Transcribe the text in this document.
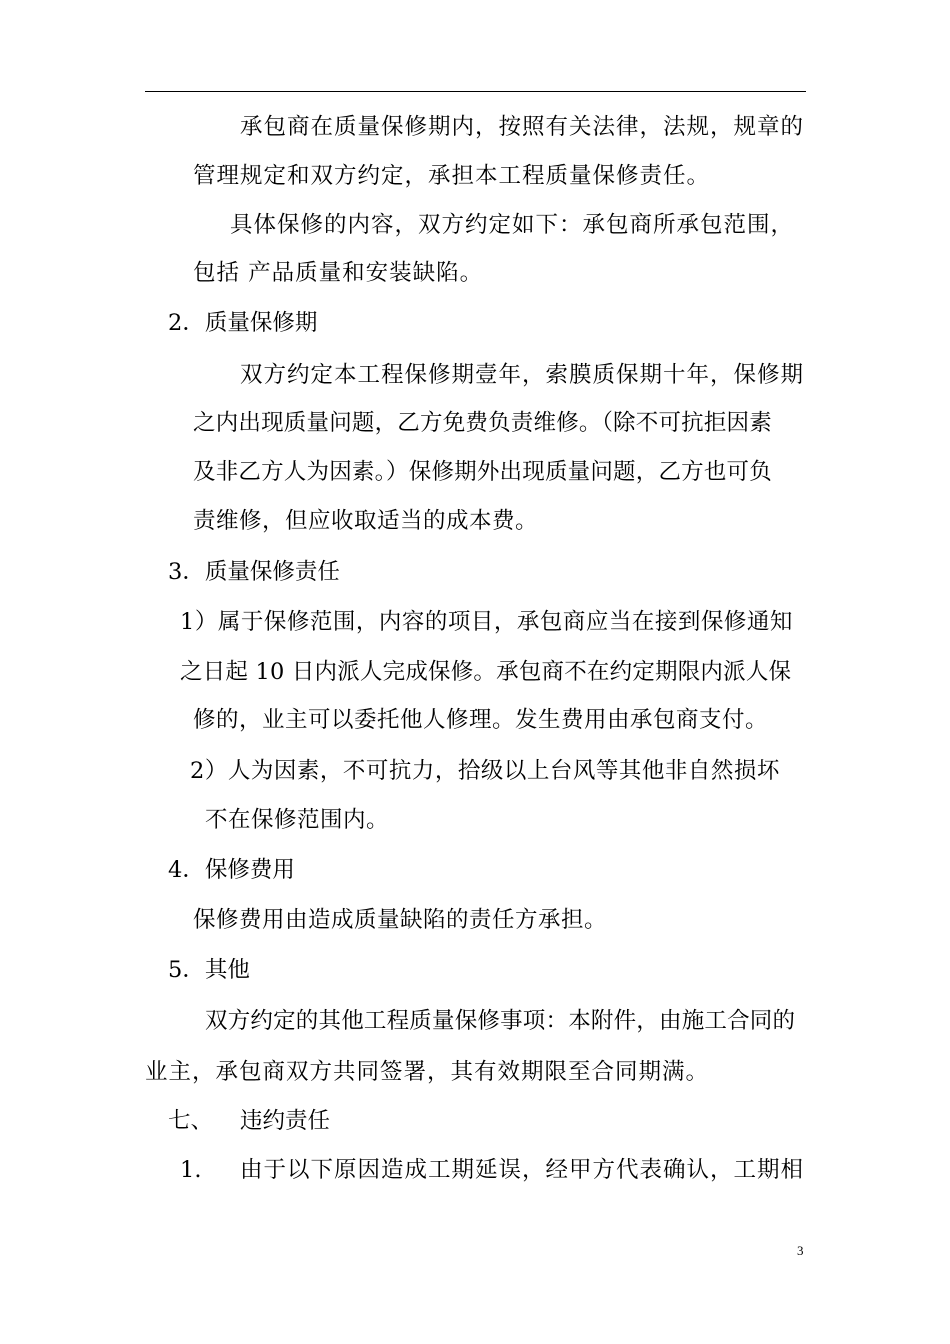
承包商在质量保修期内，按照有关法律，法规，规章的
管理规定和双方约定，承担本工程质量保修责任。
具体保修的内容，双方约定如下：承包商所承包范围，
包括 产品质量和安装缺陷。
2．质量保修期
双方约定本工程保修期壹年，索膜质保期十年，保修期
之内出现质量问题，乙方免费负责维修。（除不可抗拒因素
及非乙方人为因素。）保修期外出现质量问题，乙方也可负
责维修，但应收取适当的成本费。
3．质量保修责任
1）属于保修范围，内容的项目，承包商应当在接到保修通知
之日起 10 日内派人完成保修。承包商不在约定期限内派人保
修的，业主可以委托他人修理。发生费用由承包商支付。
2）人为因素，不可抗力，拾级以上台风等其他非自然损坏
不在保修范围内。
4．保修费用
保修费用由造成质量缺陷的责任方承担。
5．其他
双方约定的其他工程质量保修事项：本附件，由施工合同的
业主，承包商双方共同签署，其有效期限至合同期满。
七、 违约责任
1. 由于以下原因造成工期延误，经甲方代表确认，工期相
3
